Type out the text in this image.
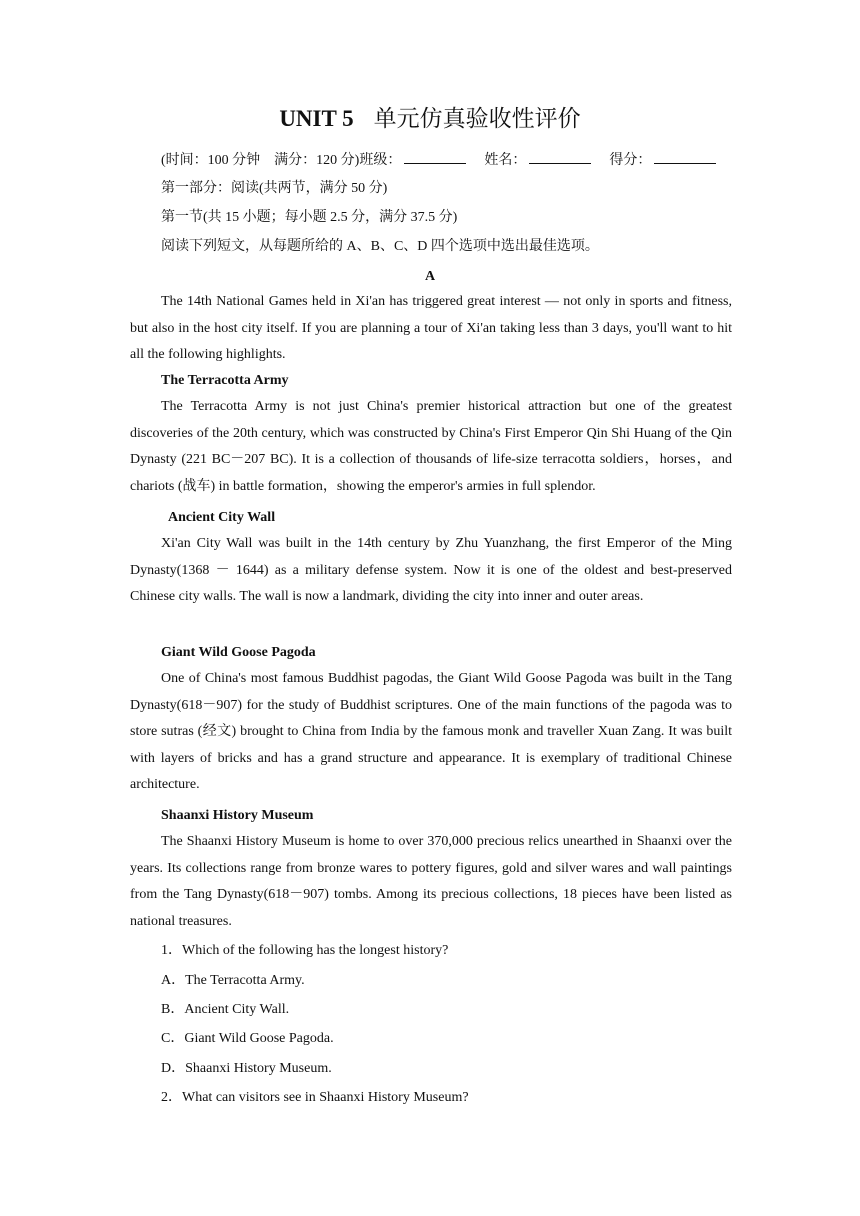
UNIT 5 单元仿真验收性评价
(时间：100 分钟　满分：120 分)班级：	姓名：	得分：
第一部分：阅读(共两节，满分 50 分)
第一节(共 15 小题；每小题 2.5 分，满分 37.5 分)
阅读下列短文，从每题所给的 A、B、C、D 四个选项中选出最佳选项。
A
The 14th National Games held in Xi'an has triggered great interest — not only in sports and fitness, but also in the host city itself. If you are planning a tour of Xi'an taking less than 3 days, you'll want to hit all the following highlights.
The Terracotta Army
The Terracotta Army is not just China's premier historical attraction but one of the greatest discoveries of the 20th century, which was constructed by China's First Emperor Qin Shi Huang of the Qin Dynasty (221 BC－207 BC). It is a collection of thousands of life-size terracotta soldiers，horses，and chariots (战车) in battle formation，showing the emperor's armies in full splendor.
Ancient City Wall
Xi'an City Wall was built in the 14th century by Zhu Yuanzhang, the first Emperor of the Ming Dynasty(1368 － 1644) as a military defense system. Now it is one of the oldest and best-preserved Chinese city walls. The wall is now a landmark, dividing the city into inner and outer areas.
Giant Wild Goose Pagoda
One of China's most famous Buddhist pagodas, the Giant Wild Goose Pagoda was built in the Tang Dynasty(618－907) for the study of Buddhist scriptures. One of the main functions of the pagoda was to store sutras (经文) brought to China from India by the famous monk and traveller Xuan Zang. It was built with layers of bricks and has a grand structure and appearance. It is exemplary of traditional Chinese architecture.
Shaanxi History Museum
The Shaanxi History Museum is home to over 370,000 precious relics unearthed in Shaanxi over the years. Its collections range from bronze wares to pottery figures, gold and silver wares and wall paintings from the Tang Dynasty(618－907) tombs. Among its precious collections, 18 pieces have been listed as national treasures.
1．Which of the following has the longest history?
A．The Terracotta Army.
B．Ancient City Wall.
C．Giant Wild Goose Pagoda.
D．Shaanxi History Museum.
2．What can visitors see in Shaanxi History Museum?
